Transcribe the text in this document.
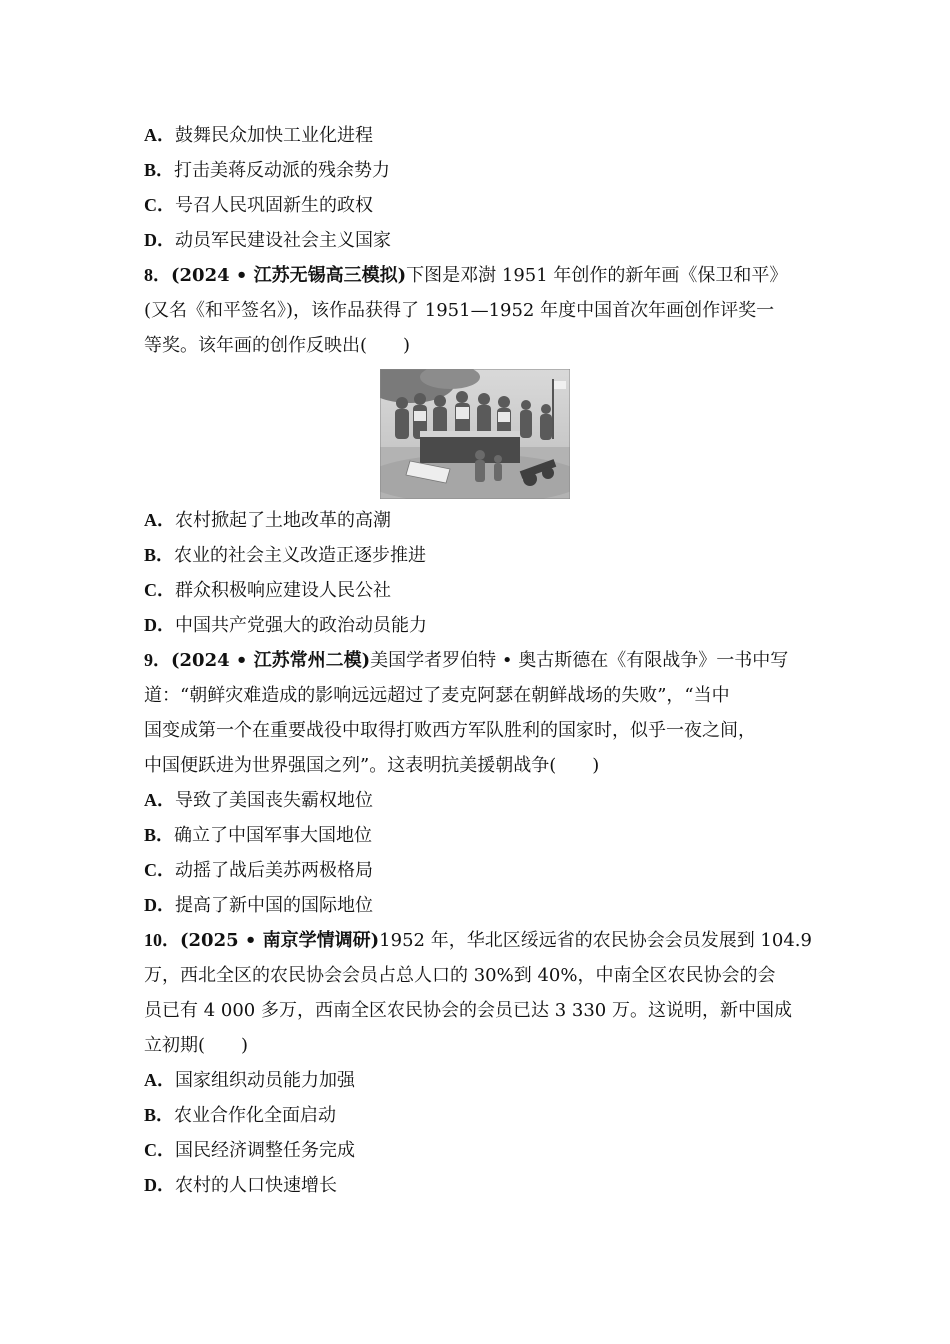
A．鼓舞民众加快工业化进程
B．打击美蒋反动派的残余势力
C．号召人民巩固新生的政权
D．动员军民建设社会主义国家
8．(2024 • 江苏无锡高三模拟)下图是邓澍 1951 年创作的新年画《保卫和平》
(又名《和平签名》)，该作品获得了 1951—1952 年度中国首次年画创作评奖一
等奖。该年画的创作反映出(　　)
A．农村掀起了土地改革的高潮
B．农业的社会主义改造正逐步推进
C．群众积极响应建设人民公社
D．中国共产党强大的政治动员能力
9．(2024 • 江苏常州二模)美国学者罗伯特 • 奥古斯德在《有限战争》一书中写
道：“朝鲜灾难造成的影响远远超过了麦克阿瑟在朝鲜战场的失败”，“当中
国变成第一个在重要战役中取得打败西方军队胜利的国家时，似乎一夜之间，
中国便跃进为世界强国之列”。这表明抗美援朝战争(　　)
A．导致了美国丧失霸权地位
B．确立了中国军事大国地位
C．动摇了战后美苏两极格局
D．提高了新中国的国际地位
10．(2025 • 南京学情调研)1952 年，华北区绥远省的农民协会会员发展到 104.9
万，西北全区的农民协会会员占总人口的 30%到 40%，中南全区农民协会的会
员已有 4 000 多万，西南全区农民协会的会员已达 3 330 万。这说明，新中国成
立初期(　　)
A．国家组织动员能力加强
B．农业合作化全面启动
C．国民经济调整任务完成
D．农村的人口快速增长
